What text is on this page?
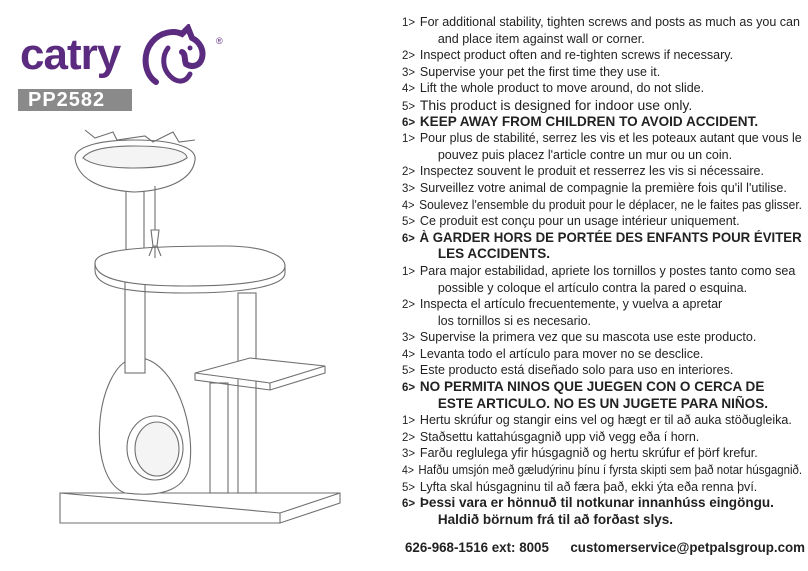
catry	®
PP2582
1> For additional stability, tighten screws and posts as much as you can
and place item against wall or corner.
2> Inspect product often and re-tighten screws if necessary.
3> Supervise your pet the first time they use it.
4> Lift the whole product to move around, do not slide.
5> This product is designed for indoor use only.
6> KEEP AWAY FROM CHILDREN TO AVOID ACCIDENT.
1> Pour plus de stabilité, serrez les vis et les poteaux autant que vous le
pouvez puis placez l'article contre un mur ou un coin.
2> Inspectez souvent le produit et resserrez les vis si nécessaire.
3> Surveillez votre animal de compagnie la première fois qu'il l'utilise.
4> Soulevez l'ensemble du produit pour le déplacer, ne le faites pas glisser.
5> Ce produit est conçu pour un usage intérieur uniquement.
6> À GARDER HORS DE PORTÉE DES ENFANTS POUR ÉVITER
LES ACCIDENTS.
1> Para major estabilidad, apriete los tornillos y postes tanto como sea
possible y coloque el artículo contra la pared o esquina.
2> Inspecta el artículo frecuentemente, y vuelva a apretar
los tornillos si es necesario.
3> Supervise la primera vez que su mascota use este producto.
4> Levanta todo el artículo para mover no se desclice.
5> Este producto está diseñado solo para uso en interiores.
6> NO PERMITA NINOS QUE JUEGEN CON O CERCA DE
ESTE ARTICULO. NO ES UN JUGETE PARA NIÑOS.
1> Hertu skrúfur og stangir eins vel og hægt er til að auka stöðugleika.
2> Staðsettu kattahúsgagnið upp við vegg eða í horn.
3> Farðu reglulega yfir húsgagnið og hertu skrúfur ef þörf krefur.
4> Hafðu umsjón með gæludýrinu þínu í fyrsta skipti sem það notar húsgagnið.
5> Lyfta skal húsgagninu til að færa það, ekki ýta eða renna því.
6> Þessi vara er hönnuð til notkunar innanhúss eingöngu.
Haldið börnum frá til að forðast slys.
626-968-1516 ext: 8005 customerservice@petpalsgroup.com
